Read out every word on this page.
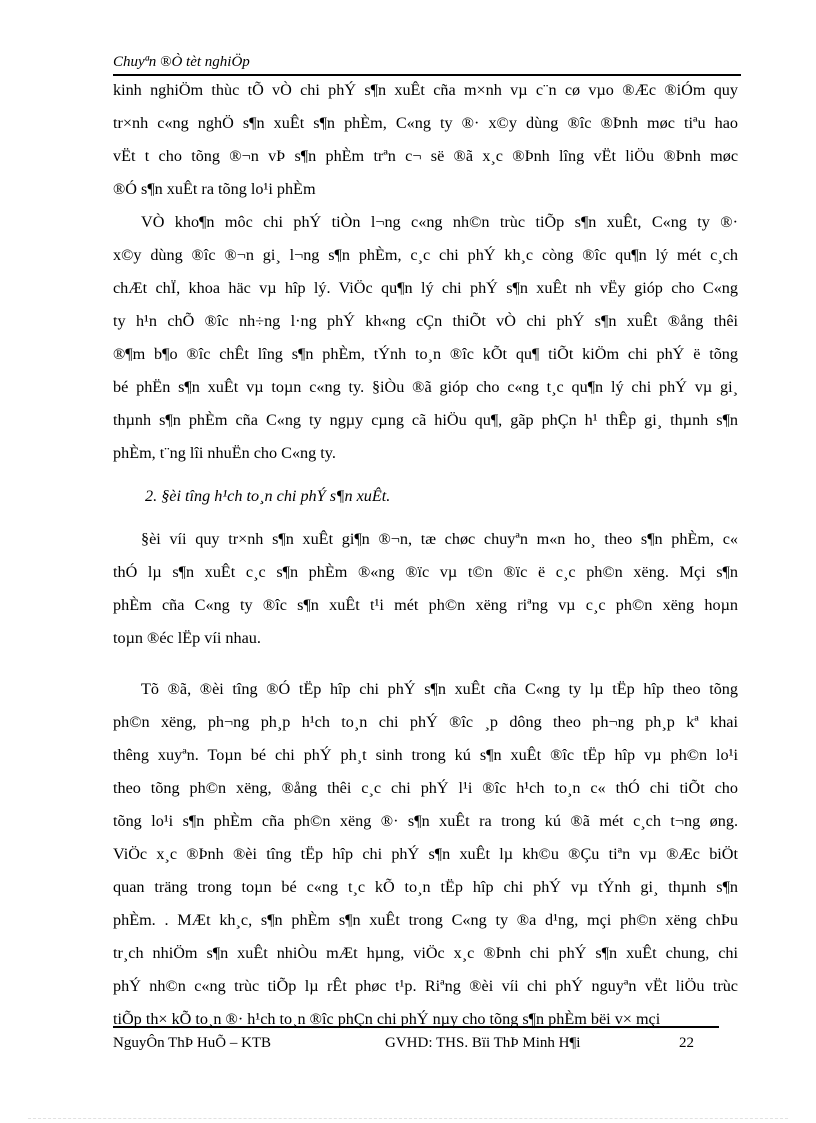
Chuyªn ®Ò tèt nghiÖp
kinh nghiÖm thùc tÕ vÒ chi phÝ s¶n xuÊt cña m×nh vµ c¨n cø vµo ®Æc ®iÓm quy
tr×nh c«ng nghÖ s¶n xuÊt s¶n phÈm, C«ng ty ®· x©y dùng ®îc ®Þnh møc tiªu hao
vËt t cho tõng ®¬n vÞ s¶n phÈm trªn c¬ së ®ã x¸c ®Þnh lîng vËt liÖu ®Þnh møc
®Ó s¶n xuÊt ra tõng lo¹i phÈm
VÒ kho¶n môc chi phÝ tiÒn l¬ng c«ng nh©n trùc tiÕp s¶n xuÊt, C«ng ty ®·
x©y dùng ®îc ®¬n gi¸ l¬ng s¶n phÈm, c¸c chi phÝ kh¸c còng ®îc qu¶n lý mét c¸ch
chÆt chÏ, khoa häc vµ hîp lý. ViÖc qu¶n lý chi phÝ s¶n xuÊt nh vËy gióp cho C«ng
ty h¹n chÕ ®îc nh÷ng l·ng phÝ kh«ng cÇn thiÕt vÒ chi phÝ s¶n xuÊt ®ång thêi
®¶m b¶o ®îc chÊt lîng s¶n phÈm, tÝnh to¸n ®îc kÕt qu¶ tiÕt kiÖm chi phÝ ë tõng
bé phËn s¶n xuÊt vµ toµn c«ng ty. §iÒu ®ã gióp cho c«ng t¸c qu¶n lý chi phÝ vµ gi¸
thµnh s¶n phÈm cña C«ng ty ngµy cµng cã hiÖu qu¶, gãp phÇn h¹ thÊp gi¸ thµnh s¶n
phÈm, t¨ng lîi nhuËn cho C«ng ty.
2. §èi tîng h¹ch to¸n chi phÝ s¶n xuÊt.
§èi víi quy tr×nh s¶n xuÊt gi¶n ®¬n, tæ chøc chuyªn m«n ho¸ theo s¶n phÈm, c«
thÓ lµ s¶n xuÊt c¸c s¶n phÈm ®«ng ®ïc vµ t©n ®ïc ë c¸c ph©n xëng. Mçi s¶n
phÈm cña C«ng ty ®îc s¶n xuÊt t¹i mét ph©n xëng riªng vµ c¸c ph©n xëng hoµn
toµn ®éc lËp víi nhau.
Tõ ®ã, ®èi tîng ®Ó tËp hîp chi phÝ s¶n xuÊt cña C«ng ty lµ tËp hîp theo tõng
ph©n xëng, ph¬ng ph¸p h¹ch to¸n chi phÝ ®îc ¸p dông theo ph¬ng ph¸p kª khai
thêng xuyªn. Toµn bé chi phÝ ph¸t sinh trong kú s¶n xuÊt ®îc tËp hîp vµ ph©n lo¹i
theo tõng ph©n xëng, ®ång thêi c¸c chi phÝ l¹i ®îc h¹ch to¸n c« thÓ chi tiÕt cho
tõng lo¹i s¶n phÈm cña ph©n xëng ®· s¶n xuÊt ra trong kú ®ã mét c¸ch t¬ng øng.
ViÖc x¸c ®Þnh ®èi tîng tËp hîp chi phÝ s¶n xuÊt lµ kh©u ®Çu tiªn vµ ®Æc biÖt
quan träng trong toµn bé c«ng t¸c kÕ to¸n tËp hîp chi phÝ vµ tÝnh gi¸ thµnh s¶n
phÈm. . MÆt kh¸c, s¶n phÈm s¶n xuÊt trong C«ng ty ®a d¹ng, mçi ph©n xëng chÞu
tr¸ch nhiÖm s¶n xuÊt nhiÒu mÆt hµng, viÖc x¸c ®Þnh chi phÝ s¶n xuÊt chung, chi
phÝ nh©n c«ng trùc tiÕp lµ rÊt phøc t¹p. Riªng ®èi víi chi phÝ nguyªn vËt liÖu trùc
tiÕp th× kÕ to¸n ®· h¹ch to¸n ®îc phÇn chi phÝ nµy cho tõng s¶n phÈm bëi v× mçi
NguyÔn ThÞ HuÕ – KTB	GVHD: THS. Bïi ThÞ Minh H¶i	22
